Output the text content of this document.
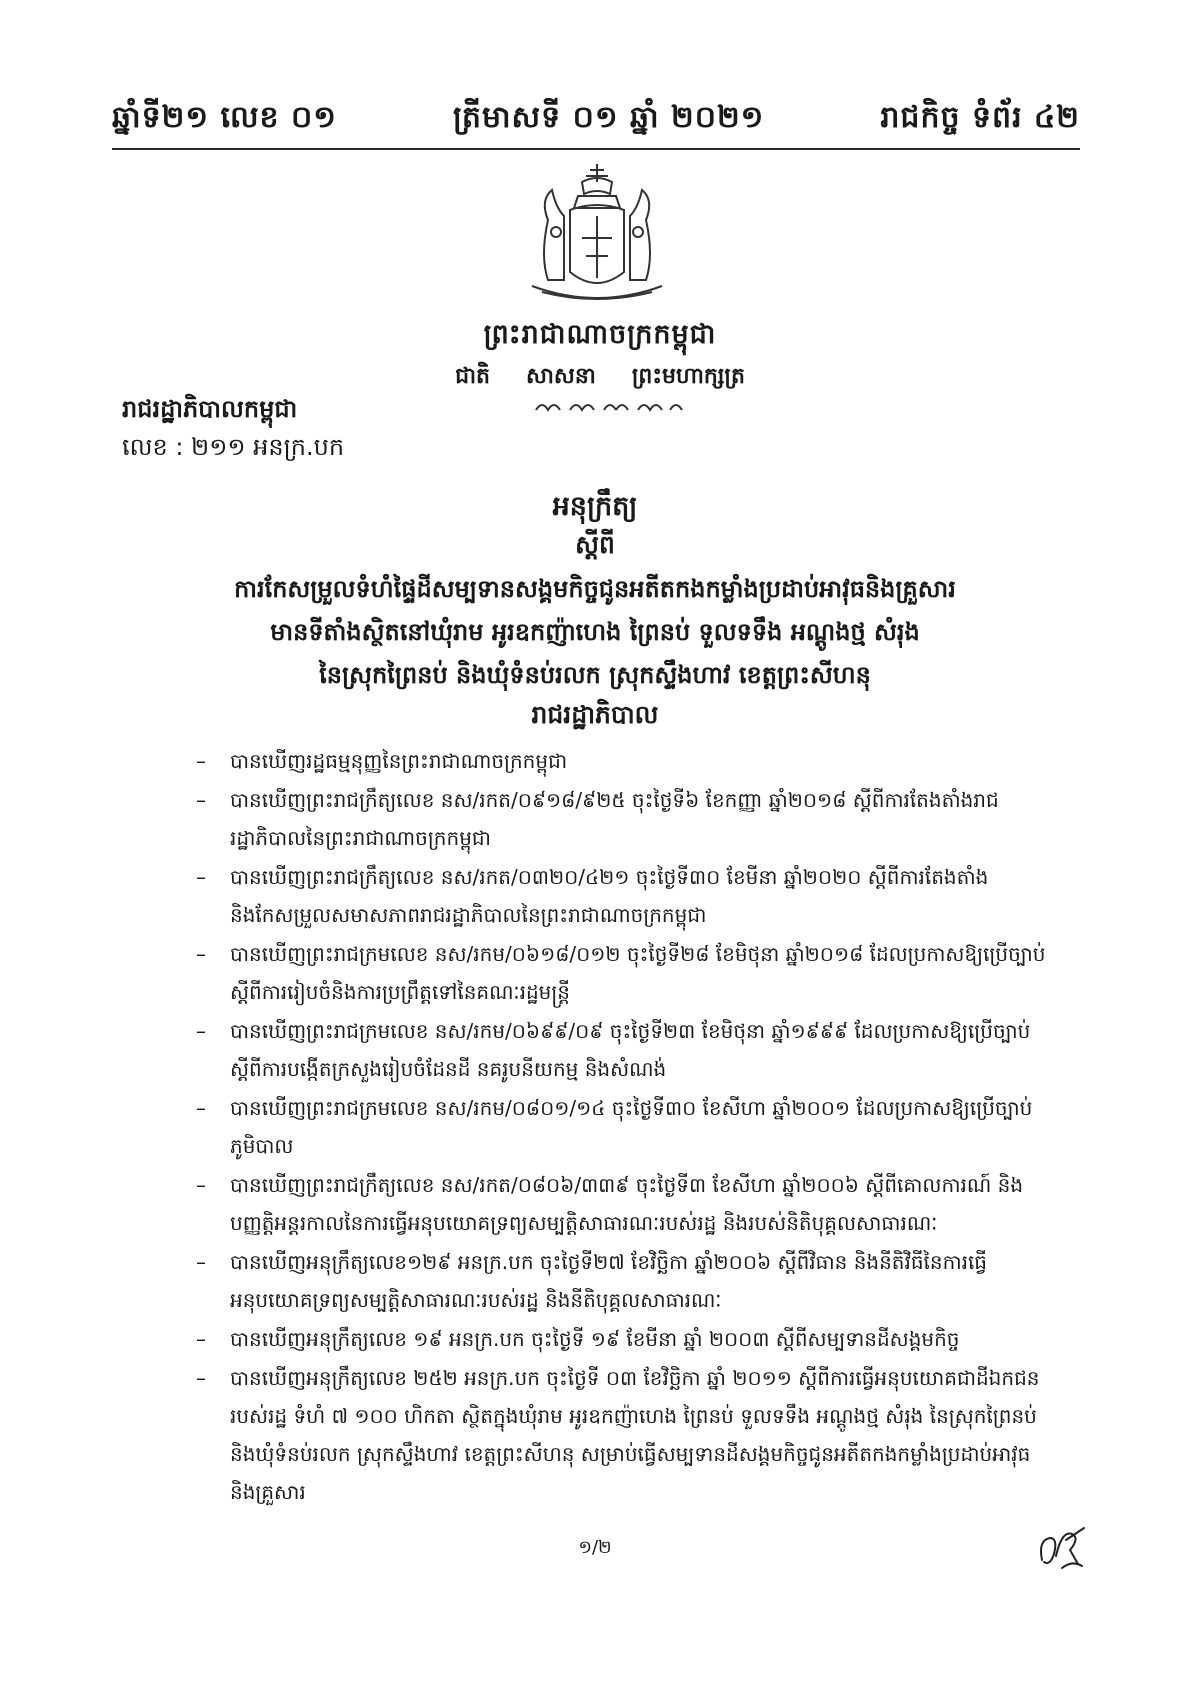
ឆ្នាំទី២១ លេខ ០១	ត្រីមាសទី ០១ ឆ្នាំ ២០២១	រាជកិច្ច ទំព័រ ៤២
ព្រះរាជាណាចក្រកម្ពុជា
ជាតិ សាសនា ព្រះមហាក្សត្រ
រាជរដ្ឋាភិបាលកម្ពុជា
លេខ : ២១១ អនក្រ.បក
អនុក្រឹត្យ
ស្តីពី
ការកែសម្រួលទំហំផ្ទៃដីសម្បទានសង្គមកិច្ចជូនអតីតកងកម្លាំងប្រដាប់អាវុធនិងគ្រួសារ
មានទីតាំងស្ថិតនៅឃុំរាម អូរឧកញ៉ាហេង ព្រៃនប់ ទួលទទឹង អណ្តូងថ្ម សំរុង
នៃស្រុកព្រៃនប់ និងឃុំទំនប់រលក ស្រុកស្ទឹងហាវ ខេត្តព្រះសីហនុ
រាជរដ្ឋាភិបាល
– បានឃើញរដ្ឋធម្មនុញ្ញនៃព្រះរាជាណាចក្រកម្ពុជា
– បានឃើញព្រះរាជក្រឹត្យលេខ នស/រកត/០៩១៨/៩២៥ ចុះថ្ងៃទី៦ ខែកញ្ញា ឆ្នាំ២០១៨ ស្តីពីការតែងតាំងរាជរដ្ឋាភិបាលនៃព្រះរាជាណាចក្រកម្ពុជា
– បានឃើញព្រះរាជក្រឹត្យលេខ នស/រកត/០៣២០/៤២១ ចុះថ្ងៃទី៣០ ខែមីនា ឆ្នាំ២០២០ ស្តីពីការតែងតាំង និងកែសម្រួលសមាសភាពរាជរដ្ឋាភិបាលនៃព្រះរាជាណាចក្រកម្ពុជា
– បានឃើញព្រះរាជក្រមលេខ នស/រកម/០៦១៨/០១២ ចុះថ្ងៃទី២៨ ខែមិថុនា ឆ្នាំ២០១៨ ដែលប្រកាសឱ្យប្រើច្បាប់ស្តីពីការរៀបចំនិងការប្រព្រឹត្តទៅនៃគណៈរដ្ឋមន្ត្រី
– បានឃើញព្រះរាជក្រមលេខ នស/រកម/០៦៩៩/០៩ ចុះថ្ងៃទី២៣ ខែមិថុនា ឆ្នាំ១៩៩៩ ដែលប្រកាសឱ្យប្រើច្បាប់ស្តីពីការបង្កើតក្រសួងរៀបចំដែនដី នគរូបនីយកម្ម និងសំណង់
– បានឃើញព្រះរាជក្រមលេខ នស/រកម/០៨០១/១៤ ចុះថ្ងៃទី៣០ ខែសីហា ឆ្នាំ២០០១ ដែលប្រកាសឱ្យប្រើច្បាប់ភូមិបាល
– បានឃើញព្រះរាជក្រឹត្យលេខ នស/រកត/០៨០៦/៣៣៩ ចុះថ្ងៃទី៣ ខែសីហា ឆ្នាំ២០០៦ ស្តីពីគោលការណ៍ និងបញ្ញត្តិអន្តរកាលនៃការធ្វើអនុបយោគទ្រព្យសម្បត្តិសាធារណៈរបស់រដ្ឋ និងរបស់និតិបុគ្គលសាធារណៈ
– បានឃើញអនុក្រឹត្យលេខ១២៩ អនក្រ.បក ចុះថ្ងៃទី២៧ ខែវិច្ឆិកា ឆ្នាំ២០០៦ ស្តីពីវិធាន និងនីតិវិធីនៃការធ្វើអនុបយោគទ្រព្យសម្បត្តិសាធារណៈរបស់រដ្ឋ និងនីតិបុគ្គលសាធារណៈ
– បានឃើញអនុក្រឹត្យលេខ ១៩ អនក្រ.បក ចុះថ្ងៃទី ១៩ ខែមីនា ឆ្នាំ ២០០៣ ស្តីពីសម្បទានដីសង្គមកិច្ច
– បានឃើញអនុក្រឹត្យលេខ ២៥២ អនក្រ.បក ចុះថ្ងៃទី ០៣ ខែវិច្ឆិកា ឆ្នាំ ២០១១ ស្តីពីការធ្វើអនុបយោគជាដីឯកជនរបស់រដ្ឋ ទំហំ ៧ ១០០ ហិកតា ស្ថិតក្នុងឃុំរាម អូរឧកញ៉ាហេង ព្រៃនប់ ទួលទទឹង អណ្តូងថ្ម សំរុង នៃស្រុកព្រៃនប់ និងឃុំទំនប់រលក ស្រុកស្ទឹងហាវ ខេត្តព្រះសីហនុ សម្រាប់ធ្វើសម្បទានដីសង្គមកិច្ចជូនអតីតកងកម្លាំងប្រដាប់អាវុធ និងគ្រួសារ
១/២
